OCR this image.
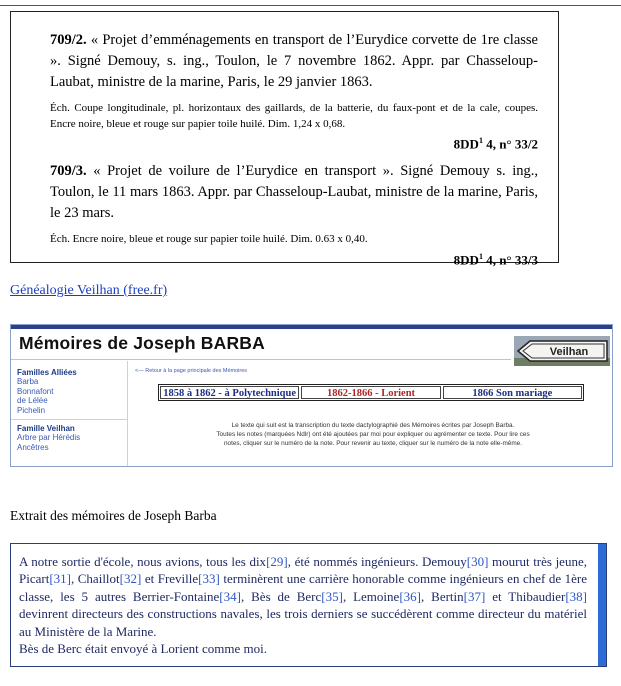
709/2. « Projet d’emménagements en transport de l’Eurydice corvette de 1re classe ». Signé Demouy, s. ing., Toulon, le 7 novembre 1862. Appr. par Chasseloup-Laubat, ministre de la marine, Paris, le 29 janvier 1863.

Éch. Coupe longitudinale, pl. horizontaux des gaillards, de la batterie, du faux-pont et de la cale, coupes. Encre noire, bleue et rouge sur papier toile huilé. Dim. 1,24 x 0,68.

$8DD^1$ 4, n° 33/2

709/3. « Projet de voilure de l’Eurydice en transport ». Signé Demouy s. ing., Toulon, le 11 mars 1863. Appr. par Chasseloup-Laubat, ministre de la marine, Paris, le 23 mars.

Éch. Encre noire, bleue et rouge sur papier toile huilé. Dim. 0.63 x 0,40.

$8DD^1$ 4, n° 33/3

Généalogie Veilhan (free.fr)
Mémoires de Joseph BARBA	Veilhan

Familles Alliées

Barba

Bonnafont

de Lélée

Pichelin

Famille Veilhan

Arbre par Hérédis

Ancêtres

<— Retour à la page principale des Mémoires
1858 à 1862 - à Polytechnique	1862-1866 - Lorient	1866 Son mariage
Le texte qui suit est la transcription du texte dactylographié des Mémoires écrites par Joseph Barba.
Toutes les notes (marquées Ndlr) ont été ajoutées par moi pour expliquer ou agrémenter ce texte. Pour lire ces
notes, cliquer sur le numéro de la note. Pour revenir au texte, cliquer sur le numéro de la note elle-même.
Extrait des mémoires de Joseph Barba

A notre sortie d'école, nous avions, tous les dix[29], été nommés ingénieurs. Demouy[30] mourut très jeune, Picart[31], Chaillot[32] et Freville[33] terminèrent une carrière honorable comme ingénieurs en chef de 1ère classe, les 5 autres Berrier-Fontaine[34], Bès de Berc[35], Lemoine[36], Bertin[37] et Thibaudier[38] devinrent directeurs des constructions navales, les trois derniers se succédèrent comme directeur du matériel au Ministère de la Marine.

Bès de Berc était envoyé à Lorient comme moi.
